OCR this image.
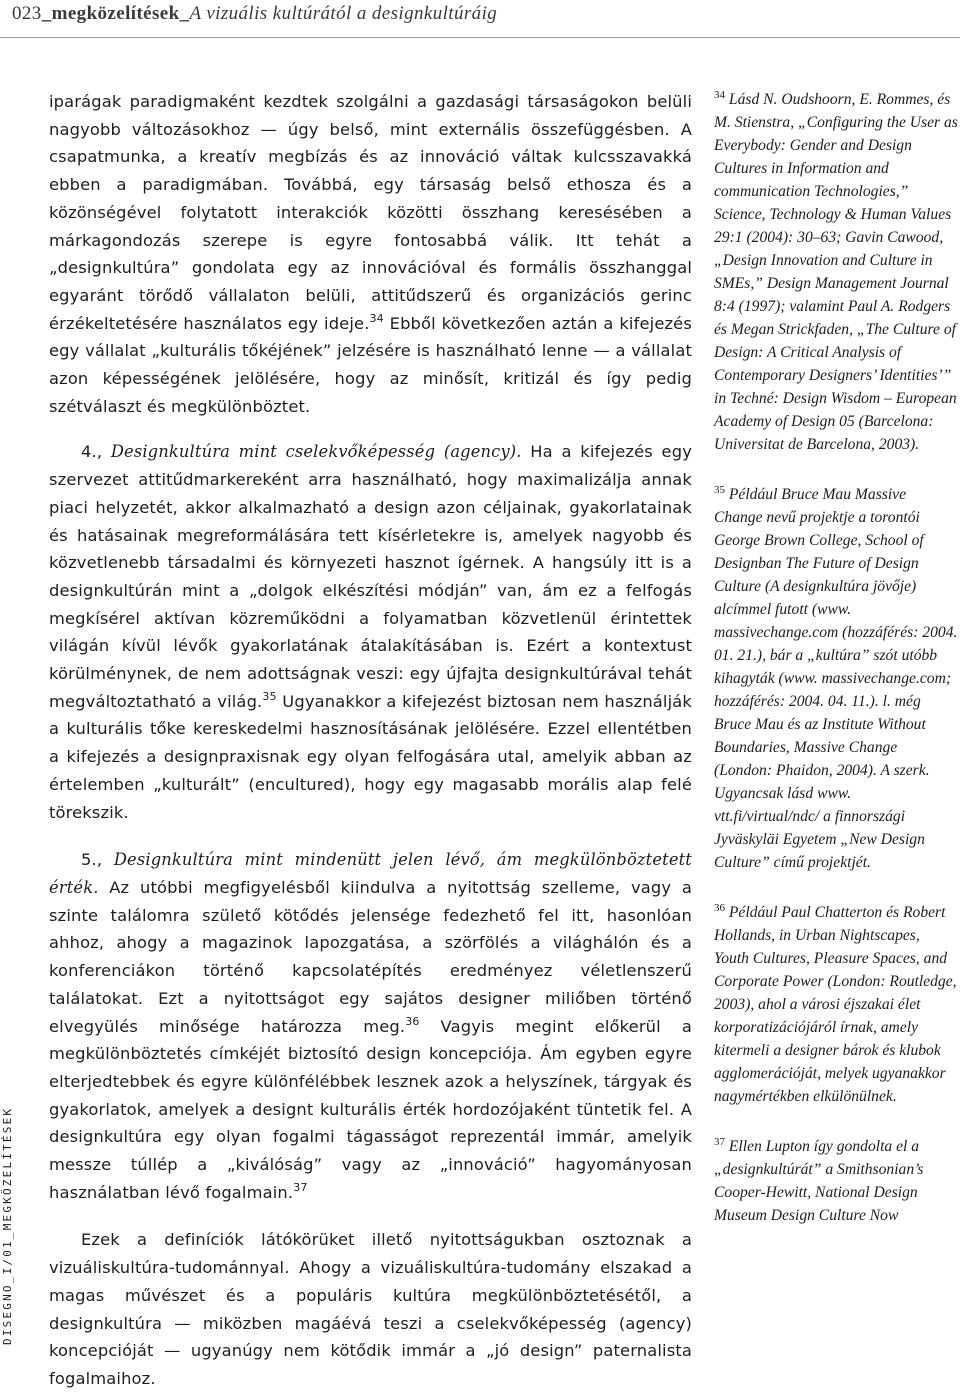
023_megközelítések_A vizuális kultúrától a designkultúráig
DISEGNO_I/01_MEGKÖZELÍTÉSEK

iparágak paradigmaként kezdtek szolgálni a gazdasági társaságokon belüli nagyobb változásokhoz — úgy belső, mint externális összefüggésben. A csapatmunka, a kreatív megbízás és az innováció váltak kulcsszavakká ebben a paradigmában. Továbbá, egy társaság belső ethosza és a közönségével folytatott interakciók közötti összhang keresésében a márkagondozás szerepe is egyre fontosabbá válik. Itt tehát a „designkultúra” gondolata egy az innovációval és formális összhanggal egyaránt törődő vállalaton belüli, attitűdszerű és organizációs gerinc érzékeltetésére használatos egy ideje.$^{34}$ Ebből következően aztán a kifejezés egy vállalat „kulturális tőkéjének” jelzésére is használható lenne — a vállalat azon képességének jelölésére, hogy az minősít, kritizál és így pedig szétválaszt és megkülönböztet.

4., Designkultúra mint cselekvőképesség (agency). Ha a kifejezés egy szervezet attitűdmarkereként arra használható, hogy maximalizálja annak piaci helyzetét, akkor alkalmazható a design azon céljainak, gyakorlatainak és hatásainak megreformálására tett kísérletekre is, amelyek nagyobb és közvetlenebb társadalmi és környezeti hasznot ígérnek. A hangsúly itt is a designkultúrán mint a „dolgok elkészítési módján” van, ám ez a felfogás megkísérel aktívan közreműködni a folyamatban közvetlenül érintettek világán kívül lévők gyakorlatának átalakításában is. Ezért a kontextust körülménynek, de nem adottságnak veszi: egy újfajta designkultúrával tehát megváltoztatható a világ.$^{35}$ Ugyanakkor a kifejezést biztosan nem használják a kulturális tőke kereskedelmi hasznosításának jelölésére. Ezzel ellentétben a kifejezés a designpraxisnak egy olyan felfogására utal, amelyik abban az értelemben „kulturált” (encultured), hogy egy magasabb morális alap felé törekszik.

5., Designkultúra mint mindenütt jelen lévő, ám megkülönböztetett érték. Az utóbbi megfigyelésből kiindulva a nyitottság szelleme, vagy a szinte találomra születő kötődés jelensége fedezhető fel itt, hasonlóan ahhoz, ahogy a magazinok lapozgatása, a szörfölés a világhálón és a konferenciákon történő kapcsolatépítés eredményez véletlenszerű találatokat. Ezt a nyitottságot egy sajátos designer miliőben történő elvegyülés minősége határozza meg.$^{36}$ Vagyis megint előkerül a megkülönböztetés címkéjét biztosító design koncepciója. Ám egyben egyre elterjedtebbek és egyre különfélébbek lesznek azok a helyszínek, tárgyak és gyakorlatok, amelyek a designt kulturális érték hordozójaként tüntetik fel. A designkultúra egy olyan fogalmi tágasságot reprezentál immár, amelyik messze túllép a „kiválóság” vagy az „innováció” hagyományosan használatban lévő fogalmain.$^{37}$

Ezek a definíciók látókörüket illető nyitottságukban osztoznak a vizuáliskultúra-tudománnyal. Ahogy a vizuáliskultúra-tudomány elszakad a magas művészet és a populáris kultúra megkülönböztetésétől, a designkultúra — miközben magáévá teszi a cselekvőképesség (agency) koncepcióját — ugyanúgy nem kötődik immár a „jó design” paternalista fogalmaihoz.

$^{34}$ Lásd N. Oudshoorn, E. Rommes, és M. Stienstra, „Configuring the User as Everybody: Gender and Design Cultures in Information and communication Technologies,” Science, Technology & Human Values 29:1 (2004): 30–63; Gavin Cawood, „Design Innovation and Culture in SMEs,” Design Management Journal 8:4 (1997); valamint Paul A. Rodgers és Megan Strickfaden, „The Culture of Design: A Critical Analysis of Contemporary Designers’ Identities’” in Techné: Design Wisdom – European Academy of Design 05 (Barcelona: Universitat de Barcelona, 2003).

$^{35}$ Például Bruce Mau Massive Change nevű projektje a torontói George Brown College, School of Designban The Future of Design Culture (A designkultúra jövője) alcímmel futott (www. massivechange.com (hozzáférés: 2004. 01. 21.), bár a „kultúra” szót utóbb kihagyták (www. massivechange.com; hozzáférés: 2004. 04. 11.). l. még Bruce Mau és az Institute Without Boundaries, Massive Change (London: Phaidon, 2004). A szerk. Ugyancsak lásd www. vtt.fi/virtual/ndc/ a finnországi Jyväskyläi Egyetem „New Design Culture” című projektjét.

$^{36}$ Például Paul Chatterton és Robert Hollands, in Urban Nightscapes, Youth Cultures, Pleasure Spaces, and Corporate Power (London: Routledge, 2003), ahol a városi éjszakai élet korporatizációjáról írnak, amely kitermeli a designer bárok és klubok agglomerációját, melyek ugyanakkor nagymértékben elkülönülnek.

$^{37}$ Ellen Lupton így gondolta el a „designkultúrát” a Smithsonian’s Cooper-Hewitt, National Design Museum Design Culture Now
